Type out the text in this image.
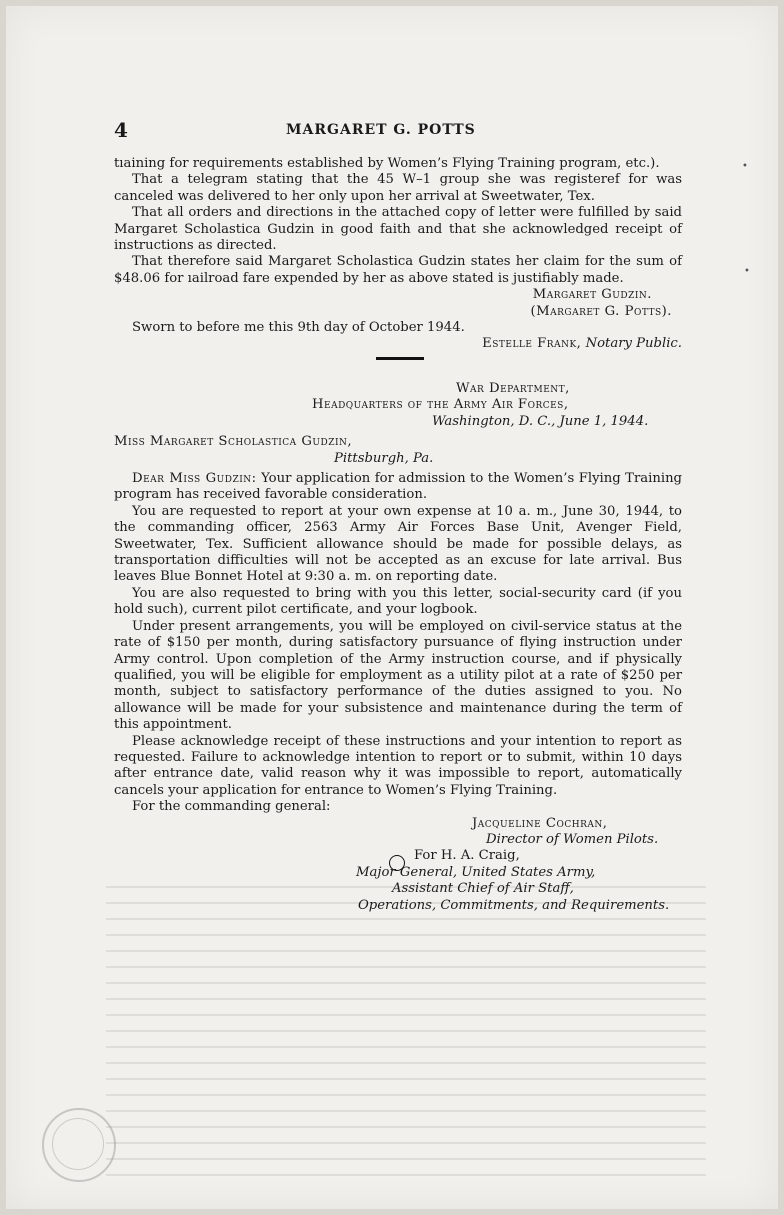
4	MARGARET G. POTTS

tıaining for requirements established by Women’s Flying Training program, etc.).

That a telegram stating that the 45 W–1 group she was registeref for was canceled was delivered to her only upon her arrival at Sweetwater, Tex.

That all orders and directions in the attached copy of letter were fulfilled by said Margaret Scholastica Gudzin in good faith and that she acknowledged receipt of instructions as directed.

That therefore said Margaret Scholastica Gudzin states her claim for the sum of $48.06 for ıailroad fare expended by her as above stated is justifiably made.

Margaret Gudzin.

(Margaret G. Potts).

Sworn to before me this 9th day of October 1944.

Estelle Frank, Notary Public.

War Department,

Headquarters of the Army Air Forces,

Washington, D. C., June 1, 1944.

Miss Margaret Scholastica Gudzin,

Pittsburgh, Pa.

Dear Miss Gudzin: Your application for admission to the Women’s Flying Training program has received favorable consideration.

You are requested to report at your own expense at 10 a. m., June 30, 1944, to the commanding officer, 2563 Army Air Forces Base Unit, Avenger Field, Sweetwater, Tex. Sufficient allowance should be made for possible delays, as transportation difficulties will not be accepted as an excuse for late arrival. Bus leaves Blue Bonnet Hotel at 9:30 a. m. on reporting date.

You are also requested to bring with you this letter, social-security card (if you hold such), current pilot certificate, and your logbook.

Under present arrangements, you will be employed on civil-service status at the rate of $150 per month, during satisfactory pursuance of flying instruction under Army control. Upon completion of the Army instruction course, and if physically qualified, you will be eligible for employment as a utility pilot at a rate of $250 per month, subject to satisfactory performance of the duties assigned to you. No allowance will be made for your subsistence and maintenance during the term of this appointment.

Please acknowledge receipt of these instructions and your intention to report as requested. Failure to acknowledge intention to report or to submit, within 10 days after entrance date, valid reason why it was impossible to report, automatically cancels your application for entrance to Women’s Flying Training.

For the commanding general:

Jacqueline Cochran,

Director of Women Pilots.

For H. A. Craig,

Major General, United States Army,

Assistant Chief of Air Staff,

Operations, Commitments, and Requirements.

•
•
